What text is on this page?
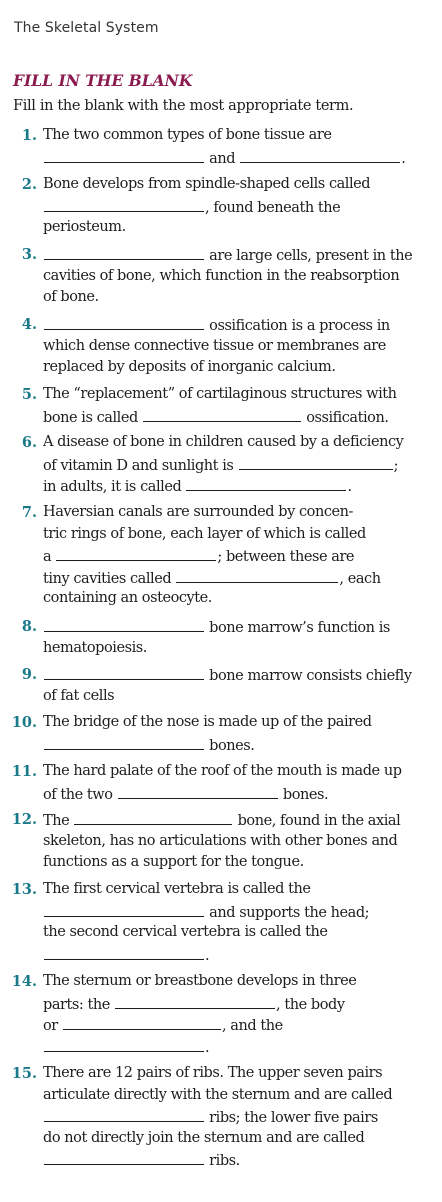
The Skeletal System
FILL IN THE BLANK
Fill in the blank with the most appropriate term.
1. The two common types of bone tissue are
and	.
2. Bone develops from spindle-shaped cells called
, found beneath the
periosteum.
3.	are large cells, present in the
cavities of bone, which function in the reabsorption
of bone.
4.	ossification is a process in
which dense connective tissue or membranes are
replaced by deposits of inorganic calcium.
5. The “replacement” of cartilaginous structures with
bone is called	ossification.
6. A disease of bone in children caused by a deficiency
of vitamin D and sunlight is	;
in adults, it is called	.
7. Haversian canals are surrounded by concen-
tric rings of bone, each layer of which is called
a	; between these are
tiny cavities called	, each
containing an osteocyte.
8.	bone marrow’s function is
hematopoiesis.
9.	bone marrow consists chiefly
of fat cells
10. The bridge of the nose is made up of the paired
bones.
11. The hard palate of the roof of the mouth is made up
of the two	bones.
12. The	bone, found in the axial
skeleton, has no articulations with other bones and
functions as a support for the tongue.
13. The first cervical vertebra is called the
and supports the head;
the second cervical vertebra is called the
.
14. The sternum or breastbone develops in three
parts: the	, the body
or	, and the
.
15. There are 12 pairs of ribs. The upper seven pairs
articulate directly with the sternum and are called
ribs; the lower five pairs
do not directly join the sternum and are called
ribs.
